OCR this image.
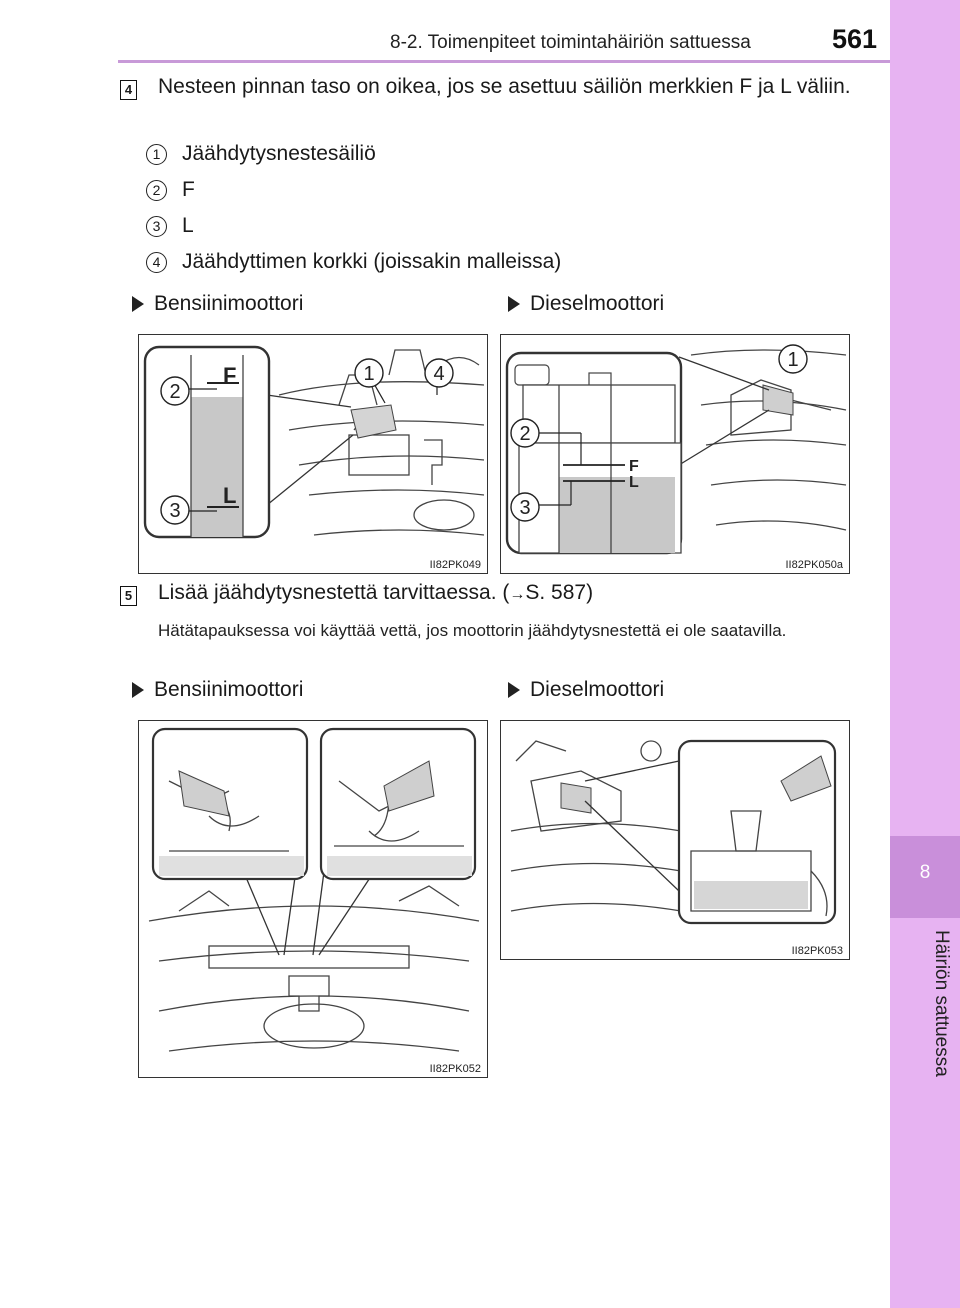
8-2. Toimenpiteet toimintahäiriön sattuessa	561
8
Häiriön sattuessa
4 Nesteen pinnan taso on oikea, jos se asettuu säiliön merkkien F ja L väliin.
1	Jäähdytysnestesäiliö
2	F
3	L
4	Jäähdyttimen korkki (joissakin malleissa)
Bensiinimoottori	Dieselmoottori
F
L
2
3
1	4
II82PK049
F
L
2
3
1
II82PK050a
5 Lisää jäähdytysnestettä tarvittaessa. (→S. 587)
Hätätapauksessa voi käyttää vettä, jos moottorin jäähdytysnestettä ei ole saatavilla.
Bensiinimoottori	Dieselmoottori
II82PK052
II82PK053
